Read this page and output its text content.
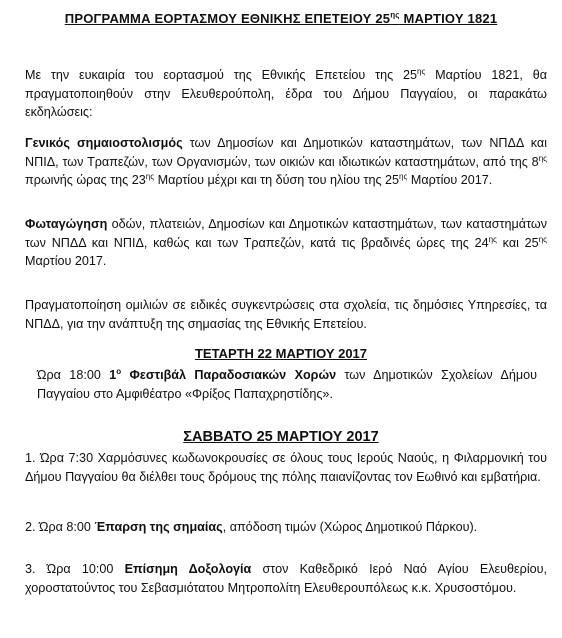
ΠΡΟΓΡΑΜΜΑ ΕΟΡΤΑΣΜΟΥ ΕΘΝΙΚΗΣ ΕΠΕΤΕΙΟΥ $25^{\eta\varsigma}$ ΜΑΡΤΙΟΥ 1821
Με την ευκαιρία του εορτασμού της Εθνικής Επετείου της $25^{\eta\varsigma}$ Μαρτίου 1821, θα πραγματοποιηθούν στην Ελευθερούπολη, έδρα του Δήμου Παγγαίου, οι παρακάτω εκδηλώσεις:
Γενικός σημαιοστολισμός των Δημοσίων και Δημοτικών καταστημάτων, των ΝΠΔΔ και ΝΠΙΔ, των Τραπεζών, των Οργανισμών, των οικιών και ιδιωτικών καταστημάτων, από της $8^{\eta\varsigma}$ πρωινής ώρας της $23^{\eta\varsigma}$ Μαρτίου μέχρι και τη δύση του ηλίου της $25^{\eta\varsigma}$ Μαρτίου 2017.
Φωταγώγηση οδών, πλατειών, Δημοσίων και Δημοτικών καταστημάτων, των καταστημάτων των ΝΠΔΔ και ΝΠΙΔ, καθώς και των Τραπεζών, κατά τις βραδινές ώρες της $24^{\eta\varsigma}$ και $25^{\eta\varsigma}$ Μαρτίου 2017.
Πραγματοποίηση ομιλιών σε ειδικές συγκεντρώσεις στα σχολεία, τις δημόσιες Υπηρεσίες, τα ΝΠΔΔ, για την ανάπτυξη της σημασίας της Εθνικής Επετείου.
ΤΕΤΑΡΤΗ 22 ΜΑΡΤΙΟΥ 2017
Ώρα 18:00 $1^o$ Φεστιβάλ Παραδοσιακών Χορών των Δημοτικών Σχολείων Δήμου Παγγαίου στο Αμφιθέατρο «Φρίξος Παπαχρηστίδης».
ΣΑΒΒΑΤΟ 25 ΜΑΡΤΙΟΥ 2017
1. Ώρα 7:30 Χαρμόσυνες κωδωνοκρουσίες σε όλους τους Ιερούς Ναούς, η Φιλαρμονική του Δήμου Παγγαίου θα διέλθει τους δρόμους της πόλης παιανίζοντας τον Εωθινό και εμβατήρια.
2. Ώρα 8:00 Έπαρση της σημαίας, απόδοση τιμών (Χώρος Δημοτικού Πάρκου).
3. Ώρα 10:00 Επίσημη Δοξολογία στον Καθεδρικό Ιερό Ναό Αγίου Ελευθερίου, χοροστατούντος του Σεβασμιότατου Μητροπολίτη Ελευθερουπόλεως κ.κ. Χρυσοστόμου.
